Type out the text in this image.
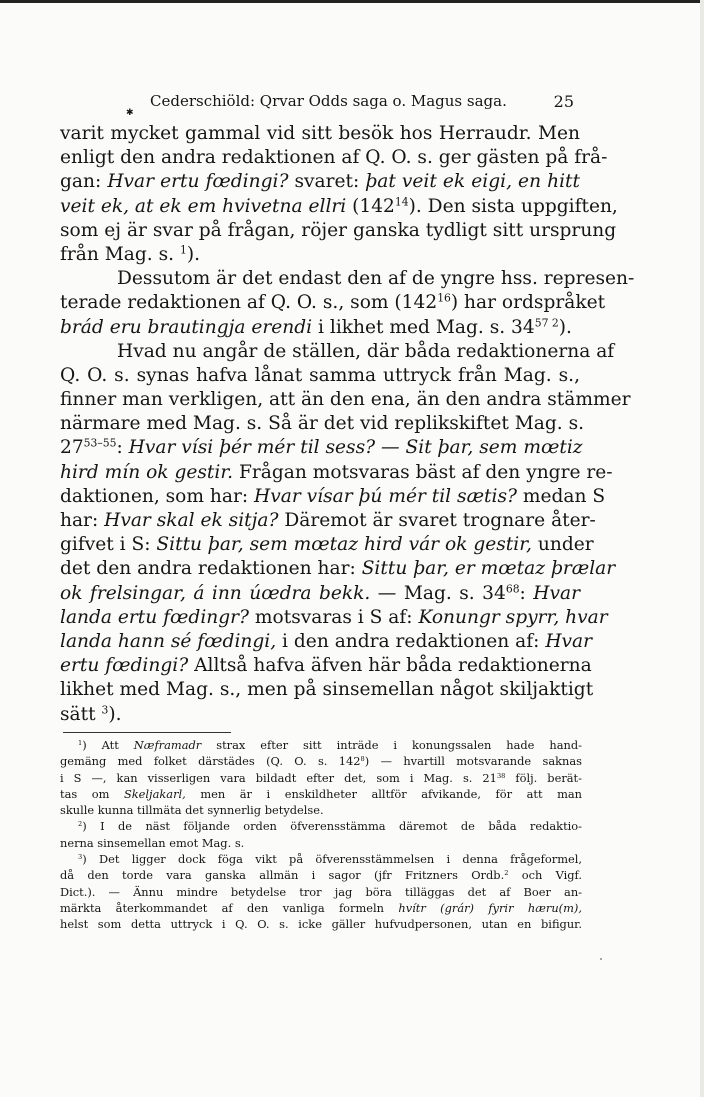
Cederschiöld: Qrvar Odds saga o. Magus saga.	25
✱
varit mycket gammal vid sitt besök hos Herraudr. Men
enligt den andra redaktionen af Q. O. s. ger gästen på frå-
gan: Hvar ertu fœdingi? svaret: þat veit ek eigi, en hitt
veit ek, at ek em hvivetna ellri $(142^{14})$. Den sista uppgiften,
som ej är svar på frågan, röjer ganska tydligt sitt ursprung
från Mag. s. $^1$).
Dessutom är det endast den af de yngre hss. represen-
terade redaktionen af Q. O. s., som $(142^{16})$ har ordspråket
brád eru brautingja erendi i likhet med Mag. s. $34^{57 2}$).
Hvad nu angår de ställen, där båda redaktionerna af
Q. O. s. synas hafva lånat samma uttryck från Mag. s.,
finner man verkligen, att än den ena, än den andra stämmer
närmare med Mag. s. Så är det vid replikskiftet Mag. s.
27$^{53-55}$: Hvar vísi þér mér til sess? — Sit þar, sem mœtiz
hird mín ok gestir. Frågan motsvaras bäst af den yngre re-
daktionen, som har: Hvar vísar þú mér til sætis? medan S
har: Hvar skal ek sitja? Däremot är svaret trognare åter-
gifvet i S: Sittu þar, sem mœtaz hird vár ok gestir, under
det den andra redaktionen har: Sittu þar, er mœtaz þrælar
ok frelsingar, á inn úœdra bekk. — Mag. s. $34^{68}$: Hvar
landa ertu fœdingr? motsvaras i S af: Konungr spyrr, hvar
landa hann sé fœdingi, i den andra redaktionen af: Hvar
ertu fœdingi? Alltså hafva äfven här båda redaktionerna
likhet med Mag. s., men på sinsemellan något skiljaktigt
sätt $^3$).
$^1$) Att Næframadr strax efter sitt inträde i konungssalen hade hand-
gemäng med folket därstädes (Q. O. s. $142^8$) — hvartill motsvarande saknas
i S —, kan visserligen vara bildadt efter det, som i Mag. s. $21^{38}$ följ. berät-
tas om Skeljakarl, men är i enskildheter alltför afvikande, för att man
skulle kunna tillmäta det synnerlig betydelse.
$^2$) I de näst följande orden öfverensstämma däremot de båda redaktio-
nerna sinsemellan emot Mag. s.
$^3$) Det ligger dock föga vikt på öfverensstämmelsen i denna frågeformel,
då den torde vara ganska allmän i sagor (jfr Fritzners Ordb.$^2$ och Vigf.
Dict.). — Ännu mindre betydelse tror jag böra tilläggas det af Boer an-
märkta återkommandet af den vanliga formeln hvítr (grár) fyrir hæru(m),
helst som detta uttryck i Q. O. s. icke gäller hufvudpersonen, utan en bifigur.
